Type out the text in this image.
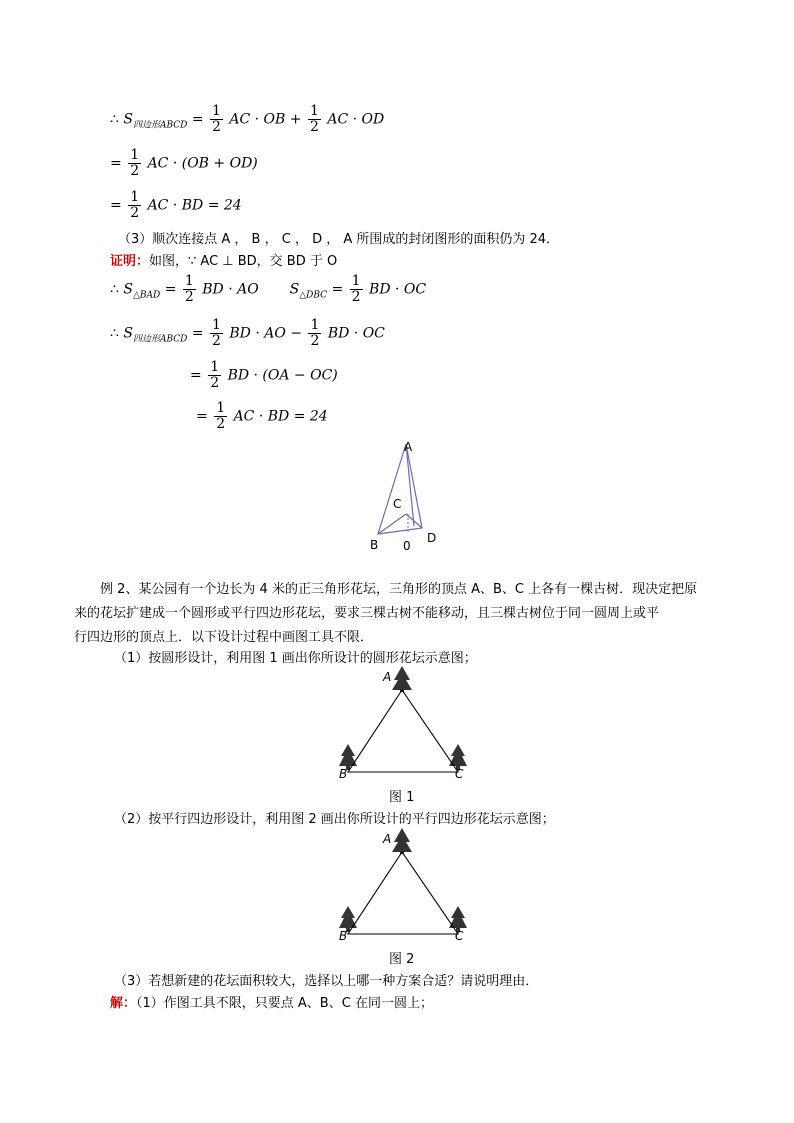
∴ $S_{四边形ABCD} = \frac{1}{2}$ AC · OB + $\frac{1}{2}$ AC · OD
= $\frac{1}{2}$ AC · (OB + OD)
= $\frac{1}{2}$ AC · BD = 24
（3）顺次连接点 A ， B ， C ， D ， A 所围成的封闭图形的面积仍为 24．
证明：如图，∵ AC ⊥ BD，交 BD 于 O
∴ $S_{\triangle BAD} = \frac{1}{2}$ BD · AO $S_{\triangle DBC} = \frac{1}{2}$ BD · OC
∴ $S_{四边形ABCD} = \frac{1}{2}$ BD · AO − $\frac{1}{2}$ BD · OC
= $\frac{1}{2}$ BD · (OA − OC)
= $\frac{1}{2}$ AC · BD = 24
A
C
B 0
D
例 2、某公园有一个边长为 4 米的正三角形花坛，三角形的顶点 A、B、C 上各有一棵古树．现决定把原
来的花坛扩建成一个圆形或平行四边形花坛，要求三棵古树不能移动，且三棵古树位于同一圆周上或平
行四边形的顶点上．以下设计过程中画图工具不限．
（1）按圆形设计，利用图 1 画出你所设计的圆形花坛示意图；
A
B	C
图 1
（2）按平行四边形设计，利用图 2 画出你所设计的平行四边形花坛示意图；
A
B	C
图 2
（3）若想新建的花坛面积较大，选择以上哪一种方案合适？请说明理由．
解：（1）作图工具不限，只要点 A、B、C 在同一圆上；
